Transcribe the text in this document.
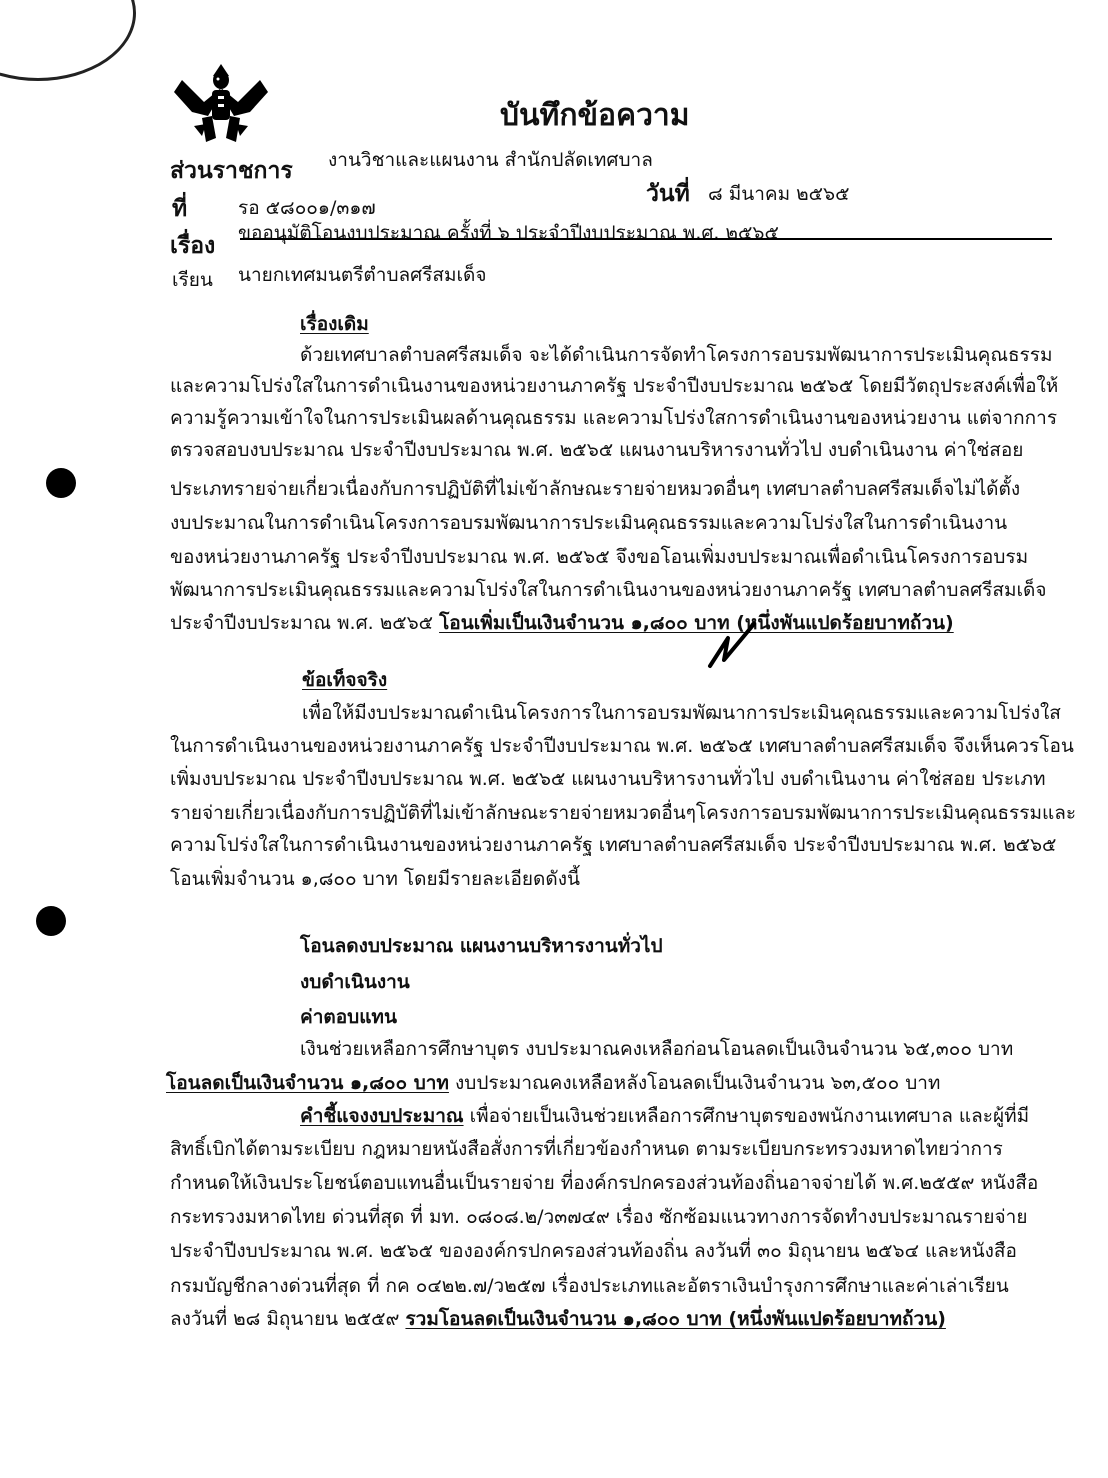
บันทึกข้อความ
ส่วนราชการ งานวิชาและแผนงาน สำนักปลัดเทศบาล
ที่	รอ ๕๘๐๐๑/๓๑๗
วันที่ ๘ มีนาคม ๒๕๖๕
เรื่อง ขออนุมัติโอนงบประมาณ ครั้งที่ ๖ ประจำปีงบประมาณ พ.ศ. ๒๕๖๕
เรียน นายกเทศมนตรีตำบลศรีสมเด็จ
เรื่องเดิม
ด้วยเทศบาลตำบลศรีสมเด็จ จะได้ดำเนินการจัดทำโครงการอบรมพัฒนาการประเมินคุณธรรม
และความโปร่งใสในการดำเนินงานของหน่วยงานภาครัฐ ประจำปีงบประมาณ ๒๕๖๕ โดยมีวัตถุประสงค์เพื่อให้
ความรู้ความเข้าใจในการประเมินผลด้านคุณธรรม และความโปร่งใสการดำเนินงานของหน่วยงาน แต่จากการ
ตรวจสอบงบประมาณ ประจำปีงบประมาณ พ.ศ. ๒๕๖๕ แผนงานบริหารงานทั่วไป งบดำเนินงาน ค่าใช่สอย
ประเภทรายจ่ายเกี่ยวเนื่องกับการปฏิบัติที่ไม่เข้าลักษณะรายจ่ายหมวดอื่นๆ เทศบาลตำบลศรีสมเด็จไม่ได้ตั้ง
งบประมาณในการดำเนินโครงการอบรมพัฒนาการประเมินคุณธรรมและความโปร่งใสในการดำเนินงาน
ของหน่วยงานภาครัฐ ประจำปีงบประมาณ พ.ศ. ๒๕๖๕ จึงขอโอนเพิ่มงบประมาณเพื่อดำเนินโครงการอบรม
พัฒนาการประเมินคุณธรรมและความโปร่งใสในการดำเนินงานของหน่วยงานภาครัฐ เทศบาลตำบลศรีสมเด็จ
ประจำปีงบประมาณ พ.ศ. ๒๕๖๕ โอนเพิ่มเป็นเงินจำนวน ๑,๘๐๐ บาท (หนึ่งพันแปดร้อยบาทถ้วน)
ข้อเท็จจริง
เพื่อให้มีงบประมาณดำเนินโครงการในการอบรมพัฒนาการประเมินคุณธรรมและความโปร่งใส
ในการดำเนินงานของหน่วยงานภาครัฐ ประจำปีงบประมาณ พ.ศ. ๒๕๖๕ เทศบาลตำบลศรีสมเด็จ จึงเห็นควรโอน
เพิ่มงบประมาณ ประจำปีงบประมาณ พ.ศ. ๒๕๖๕ แผนงานบริหารงานทั่วไป งบดำเนินงาน ค่าใช่สอย ประเภท
รายจ่ายเกี่ยวเนื่องกับการปฏิบัติที่ไม่เข้าลักษณะรายจ่ายหมวดอื่นๆโครงการอบรมพัฒนาการประเมินคุณธรรมและ
ความโปร่งใสในการดำเนินงานของหน่วยงานภาครัฐ เทศบาลตำบลศรีสมเด็จ ประจำปีงบประมาณ พ.ศ. ๒๕๖๕
โอนเพิ่มจำนวน ๑,๘๐๐ บาท โดยมีรายละเอียดดังนี้
โอนลดงบประมาณ แผนงานบริหารงานทั่วไป
งบดำเนินงาน
ค่าตอบแทน
เงินช่วยเหลือการศึกษาบุตร งบประมาณคงเหลือก่อนโอนลดเป็นเงินจำนวน ๖๕,๓๐๐ บาท
โอนลดเป็นเงินจำนวน ๑,๘๐๐ บาท งบประมาณคงเหลือหลังโอนลดเป็นเงินจำนวน ๖๓,๕๐๐ บาท
คำชี้แจงงบประมาณ เพื่อจ่ายเป็นเงินช่วยเหลือการศึกษาบุตรของพนักงานเทศบาล และผู้ที่มี
สิทธิ์เบิกได้ตามระเบียบ กฎหมายหนังสือสั่งการที่เกี่ยวข้องกำหนด ตามระเบียบกระทรวงมหาดไทยว่าการ
กำหนดให้เงินประโยชน์ตอบแทนอื่นเป็นรายจ่าย ที่องค์กรปกครองส่วนท้องถิ่นอาจจ่ายได้ พ.ศ.๒๕๕๙ หนังสือ
กระทรวงมหาดไทย ด่วนที่สุด ที่ มท. ๐๘๐๘.๒/ว๓๗๔๙ เรื่อง ซักซ้อมแนวทางการจัดทำงบประมาณรายจ่าย
ประจำปีงบประมาณ พ.ศ. ๒๕๖๕ ขององค์กรปกครองส่วนท้องถิ่น ลงวันที่ ๓๐ มิถุนายน ๒๕๖๔ และหนังสือ
กรมบัญชีกลางด่วนที่สุด ที่ กค ๐๔๒๒.๗/ว๒๕๗ เรื่องประเภทและอัตราเงินบำรุงการศึกษาและค่าเล่าเรียน
ลงวันที่ ๒๘ มิถุนายน ๒๕๕๙ รวมโอนลดเป็นเงินจำนวน ๑,๘๐๐ บาท (หนึ่งพันแปดร้อยบาทถ้วน)
